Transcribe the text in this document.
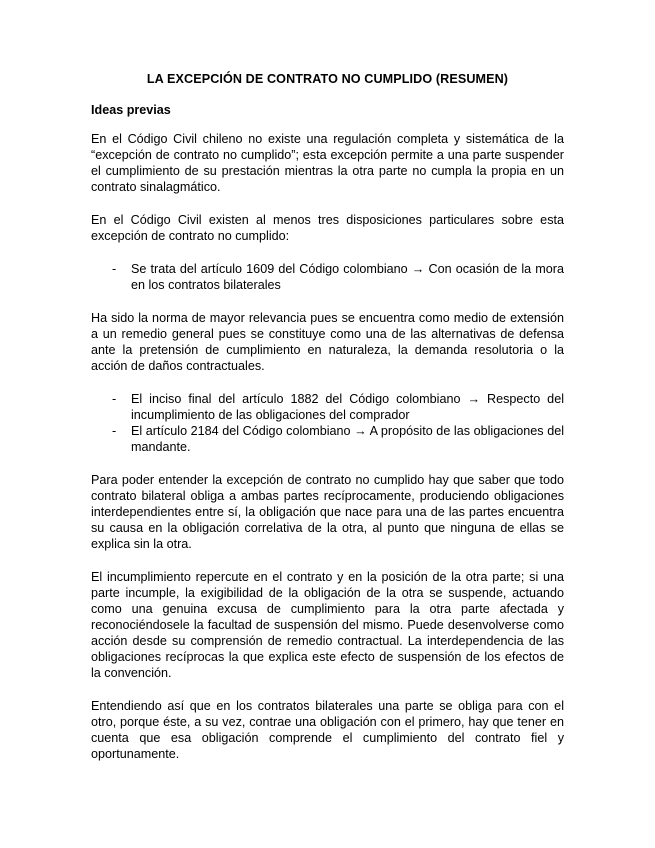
LA EXCEPCIÓN DE CONTRATO NO CUMPLIDO (RESUMEN)
Ideas previas

En el Código Civil chileno no existe una regulación completa y sistemática de la “excepción de contrato no cumplido”; esta excepción permite a una parte suspender el cumplimiento de su prestación mientras la otra parte no cumpla la propia en un contrato sinalagmático.

En el Código Civil existen al menos tres disposiciones particulares sobre esta excepción de contrato no cumplido:

- Se trata del artículo 1609 del Código colombiano → Con ocasión de la mora en los contratos bilaterales

Ha sido la norma de mayor relevancia pues se encuentra como medio de extensión a un remedio general pues se constituye como una de las alternativas de defensa ante la pretensión de cumplimiento en naturaleza, la demanda resolutoria o la acción de daños contractuales.

- El inciso final del artículo 1882 del Código colombiano → Respecto del incumplimiento de las obligaciones del comprador
- El artículo 2184 del Código colombiano → A propósito de las obligaciones del mandante.

Para poder entender la excepción de contrato no cumplido hay que saber que todo contrato bilateral obliga a ambas partes recíprocamente, produciendo obligaciones interdependientes entre sí, la obligación que nace para una de las partes encuentra su causa en la obligación correlativa de la otra, al punto que ninguna de ellas se explica sin la otra.

El incumplimiento repercute en el contrato y en la posición de la otra parte; si una parte incumple, la exigibilidad de la obligación de la otra se suspende, actuando como una genuina excusa de cumplimiento para la otra parte afectada y reconociéndosele la facultad de suspensión del mismo. Puede desenvolverse como acción desde su comprensión de remedio contractual. La interdependencia de las obligaciones recíprocas la que explica este efecto de suspensión de los efectos de la convención.

Entendiendo así que en los contratos bilaterales una parte se obliga para con el otro, porque éste, a su vez, contrae una obligación con el primero, hay que tener en cuenta que esa obligación comprende el cumplimiento del contrato fiel y oportunamente.
